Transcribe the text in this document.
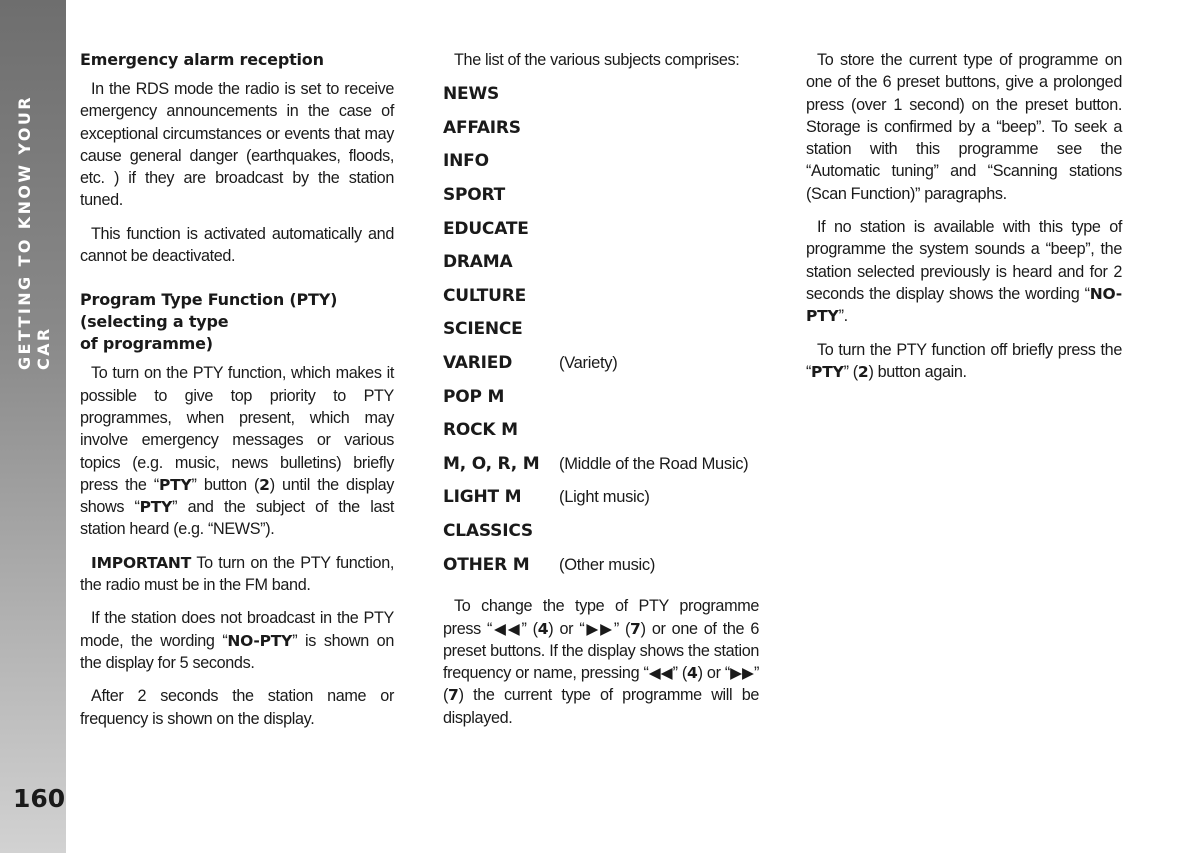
GETTING TO KNOW YOUR CAR
160
Emergency alarm reception

In the RDS mode the radio is set to receive emergency announcements in the case of exceptional circumstances or events that may cause general danger (earthquakes, floods, etc. ) if they are broadcast by the station tuned.

This function is activated automatically and cannot be deactivated.

Program Type Function (PTY)
(selecting a type
of programme)

To turn on the PTY function, which makes it possible to give top priority to PTY programmes, when present, which may involve emergency messages or various topics (e.g. music, news bulletins) briefly press the “PTY” button (2) until the display shows “PTY” and the subject of the last station heard (e.g. “NEWS”).

IMPORTANT To turn on the PTY function, the radio must be in the FM band.

If the station does not broadcast in the PTY mode, the wording “NO-PTY” is shown on the display for 5 seconds.

After 2 seconds the station name or frequency is shown on the display.

The list of the various subjects comprises:

NEWS
AFFAIRS
INFO
SPORT
EDUCATE
DRAMA
CULTURE
SCIENCE
VARIED	(Variety)
POP M
ROCK M
M, O, R, M	(Middle of the Road Music)
LIGHT M	(Light music)
CLASSICS
OTHER M	(Other music)

To change the type of PTY programme press “◀◀” (4) or “▶▶” (7) or one of the 6 preset buttons. If the display shows the station frequency or name, pressing “◀◀” (4) or “▶▶” (7) the current type of programme will be displayed.

To store the current type of programme on one of the 6 preset buttons, give a prolonged press (over 1 second) on the preset button. Storage is confirmed by a “beep”. To seek a station with this programme see the “Automatic tuning” and “Scanning stations (Scan Function)” paragraphs.

If no station is available with this type of programme the system sounds a “beep”, the station selected previously is heard and for 2 seconds the display shows the wording “NO-PTY”.

To turn the PTY function off briefly press the “PTY” (2) button again.
